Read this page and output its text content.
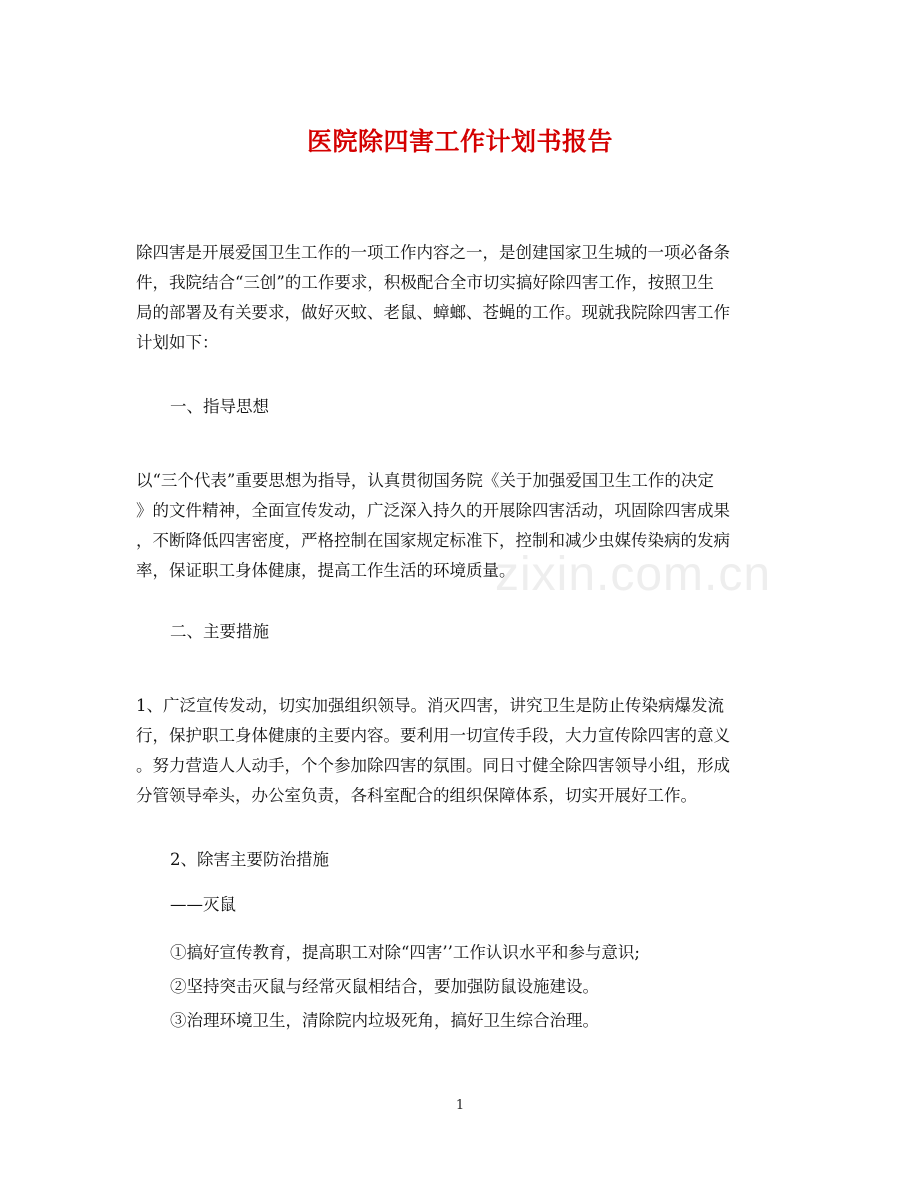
医院除四害工作计划书报告
除四害是开展爱国卫生工作的一项工作内容之一，是创建国家卫生城的一项必备条
件，我院结合“三创”的工作要求，积极配合全市切实搞好除四害工作，按照卫生
局的部署及有关要求，做好灭蚊、老鼠、蟑螂、苍蝇的工作。现就我院除四害工作
计划如下：
一、指导思想
以“三个代表”重要思想为指导，认真贯彻国务院《关于加强爱国卫生工作的决定
》的文件精神，全面宣传发动，广泛深入持久的开展除四害活动，巩固除四害成果
，不断降低四害密度，严格控制在国家规定标准下，控制和减少虫媒传染病的发病
率，保证职工身体健康，提高工作生活的环境质量。
二、主要措施
1、广泛宣传发动，切实加强组织领导。消灭四害，讲究卫生是防止传染病爆发流
行，保护职工身体健康的主要内容。要利用一切宣传手段，大力宣传除四害的意义
。努力营造人人动手，个个参加除四害的氛围。同日寸健全除四害领导小组，形成
分管领导牵头，办公室负责，各科室配合的组织保障体系，切实开展好工作。
2、除害主要防治措施
——灭鼠
①搞好宣传教育，提高职工对除“四害’’工作认识水平和参与意识;
②坚持突击灭鼠与经常灭鼠相结合，要加强防鼠设施建设。
③治理环境卫生，清除院内垃圾死角，搞好卫生综合治理。
zixin.com.cn
1
